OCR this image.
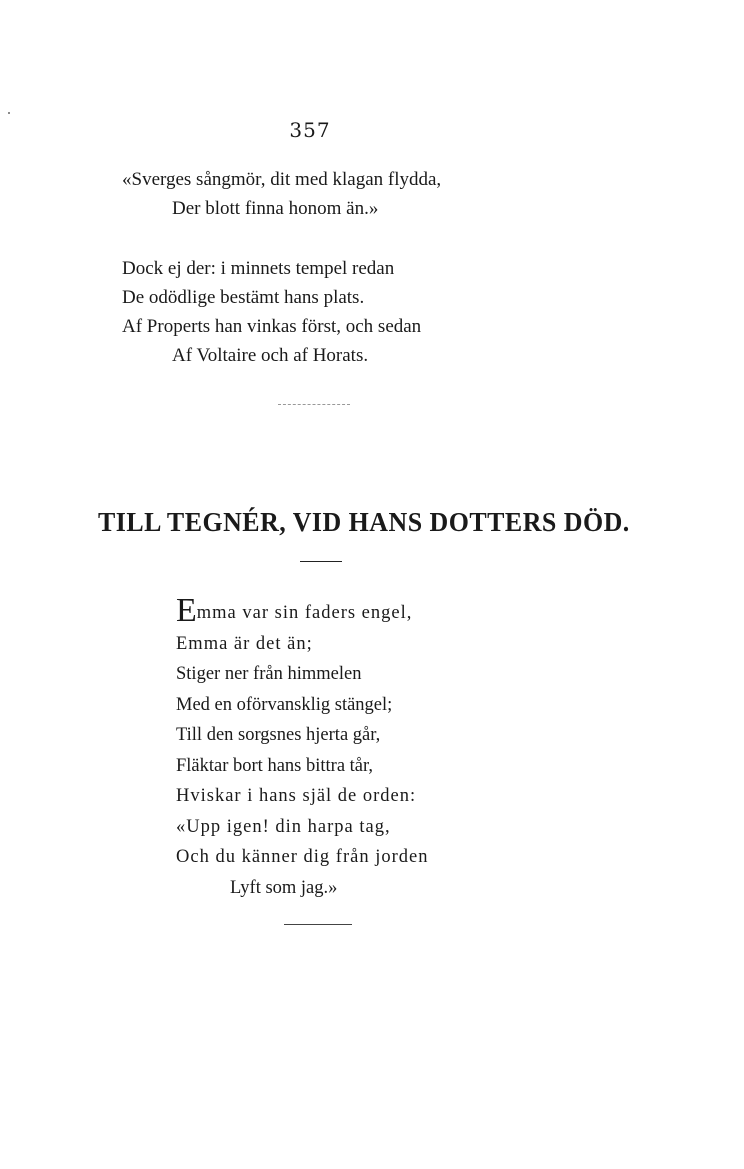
357
«Sverges sångmör, dit med klagan flydda,
Der blott finna honom än.»
Dock ej der: i minnets tempel redan
De odödlige bestämt hans plats.
Af Properts han vinkas först, och sedan
Af Voltaire och af Horats.
TILL TEGNÉR, VID HANS DOTTERS DÖD.
Emma var sin faders engel,
Emma är det än;
Stiger ner från himmelen
Med en oförvansklig stängel;
Till den sorgsnes hjerta går,
Fläktar bort hans bittra tår,
Hviskar i hans själ de orden:
«Upp igen! din harpa tag,
Och du känner dig från jorden
Lyft som jag.»
